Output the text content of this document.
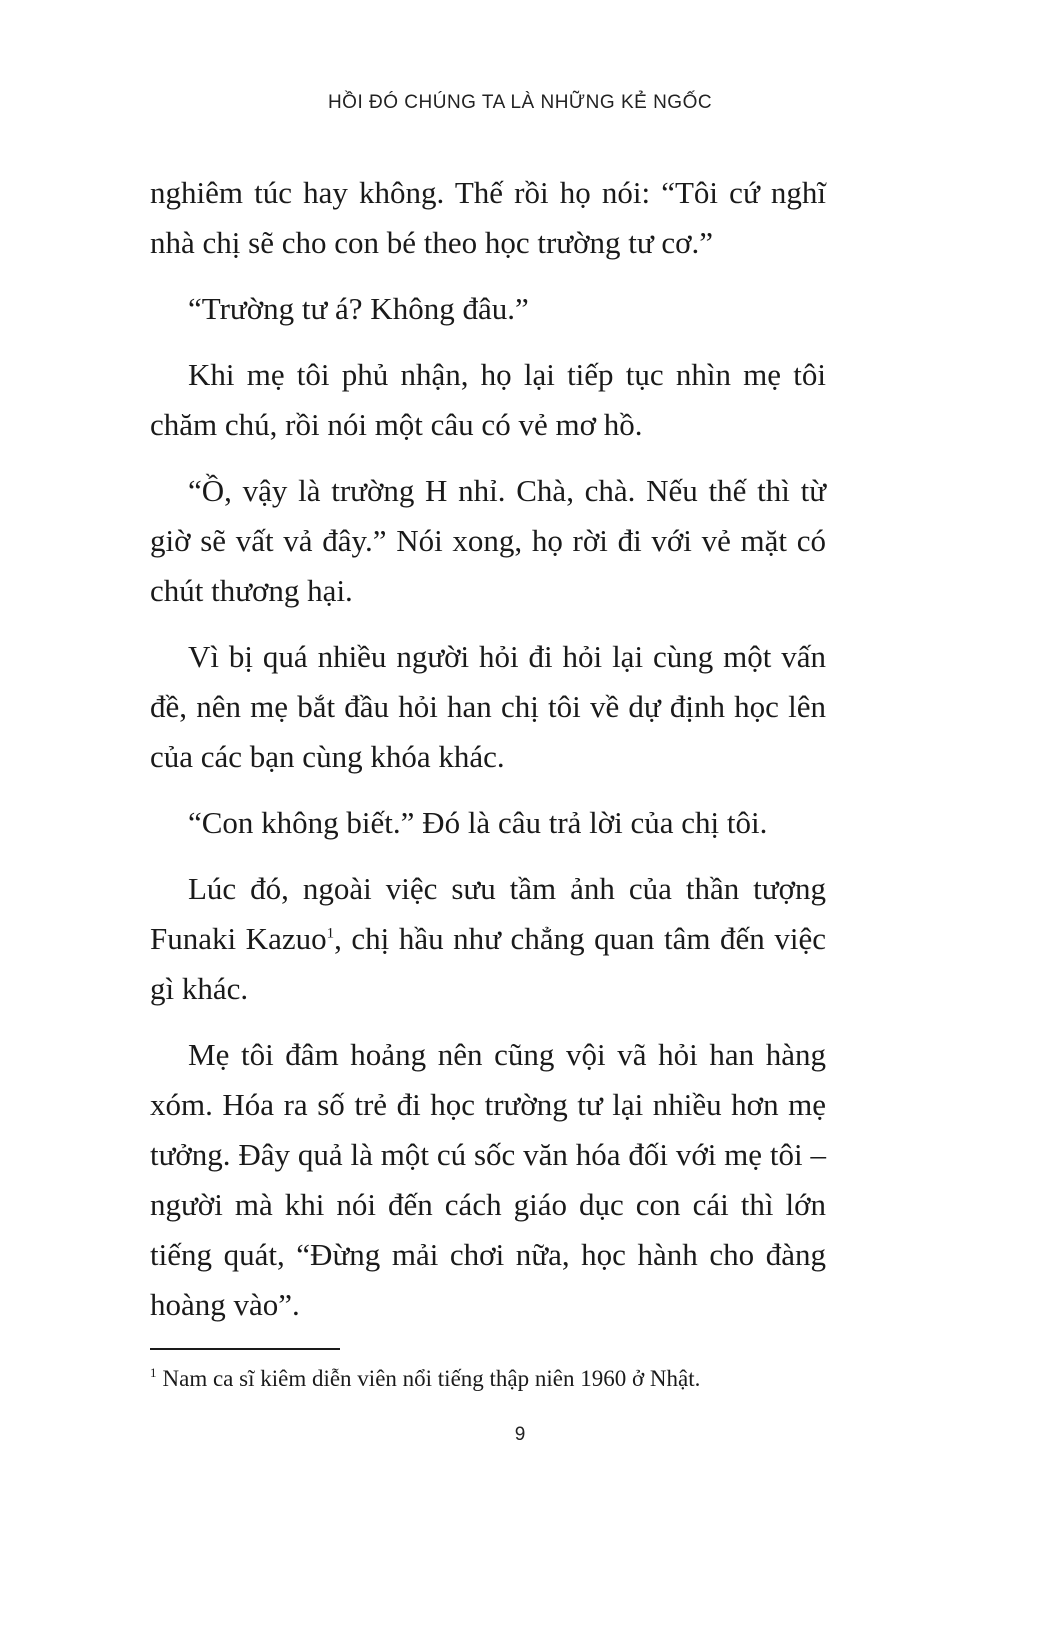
HỒI ĐÓ CHÚNG TA LÀ NHỮNG KẺ NGỐC

nghiêm túc hay không. Thế rồi họ nói: “Tôi cứ nghĩ nhà chị sẽ cho con bé theo học trường tư cơ.”

“Trường tư á? Không đâu.”

Khi mẹ tôi phủ nhận, họ lại tiếp tục nhìn mẹ tôi chăm chú, rồi nói một câu có vẻ mơ hồ.

“Ồ, vậy là trường H nhỉ. Chà, chà. Nếu thế thì từ giờ sẽ vất vả đây.” Nói xong, họ rời đi với vẻ mặt có chút thương hại.

Vì bị quá nhiều người hỏi đi hỏi lại cùng một vấn đề, nên mẹ bắt đầu hỏi han chị tôi về dự định học lên của các bạn cùng khóa khác.

“Con không biết.” Đó là câu trả lời của chị tôi.

Lúc đó, ngoài việc sưu tầm ảnh của thần tượng Funaki Kazuo$^1$, chị hầu như chẳng quan tâm đến việc gì khác.

Mẹ tôi đâm hoảng nên cũng vội vã hỏi han hàng xóm. Hóa ra số trẻ đi học trường tư lại nhiều hơn mẹ tưởng. Đây quả là một cú sốc văn hóa đối với mẹ tôi – người mà khi nói đến cách giáo dục con cái thì lớn tiếng quát, “Đừng mải chơi nữa, học hành cho đàng hoàng vào”.

$^1$ Nam ca sĩ kiêm diễn viên nổi tiếng thập niên 1960 ở Nhật.
9
